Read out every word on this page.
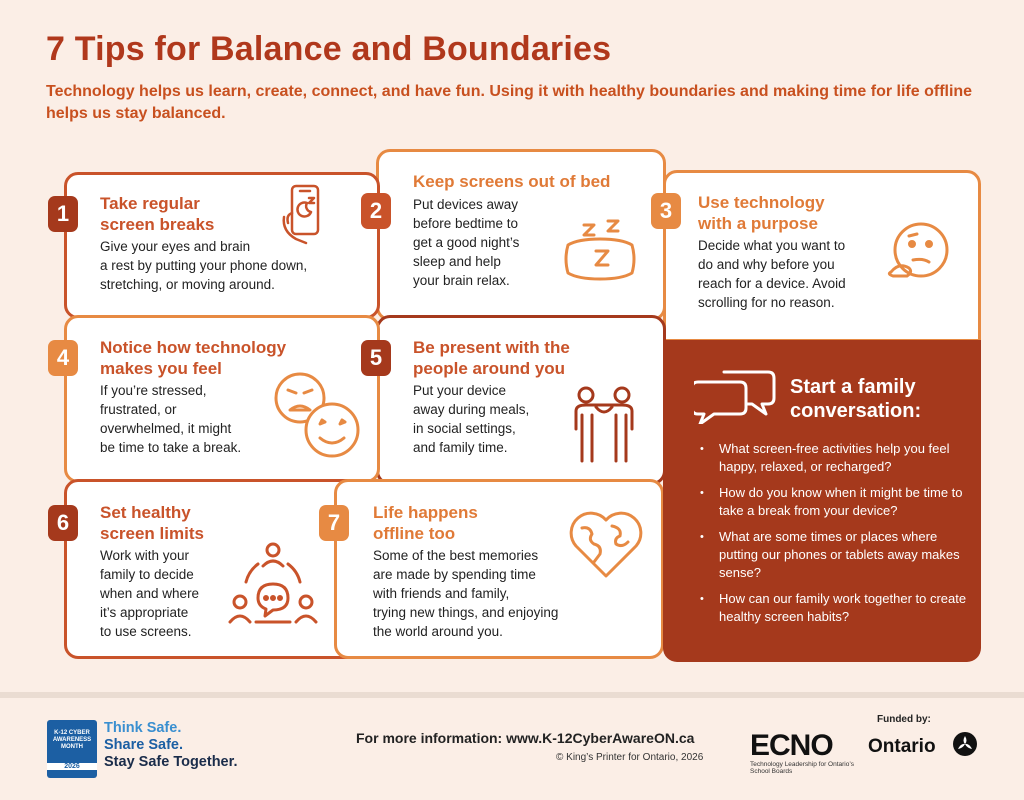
7 Tips for Balance and Boundaries
Technology helps us learn, create, connect, and have fun. Using it with healthy boundaries and making time for life offline helps us stay balanced.
1	2	3
4	5
6	7
Take regular
screen breaks
Give your eyes and brain
a rest by putting your phone down,
stretching, or moving around.
Keep screens out of bed
Put devices away
before bedtime to
get a good night’s
sleep and help
your brain relax.
Use technology
with a purpose
Decide what you want to
do and why before you
reach for a device. Avoid
scrolling for no reason.
Notice how technology
makes you feel
If you’re stressed,
frustrated, or
overwhelmed, it might
be time to take a break.
Be present with the
people around you
Put your device
away during meals,
in social settings,
and family time.
Set healthy
screen limits
Work with your
family to decide
when and where
it’s appropriate
to use screens.
Life happens
offline too
Some of the best memories
are made by spending time
with friends and family,
trying new things, and enjoying
the world around you.
Start a family
conversation:
• What screen-free activities help you feel happy, relaxed, or recharged?
• How do you know when it might be time to take a break from your device?
• What are some times or places where putting our phones or tablets away makes sense?
• How can our family work together to create healthy screen habits?
K-12 CYBER
AWARENESS
MONTH
2026
Think Safe.
Share Safe.
Stay Safe Together.
For more information: www.K-12CyberAwareON.ca
© King’s Printer for Ontario, 2026 ECNO
Technology Leadership for Ontario’s School Boards
Funded by:
Ontario
